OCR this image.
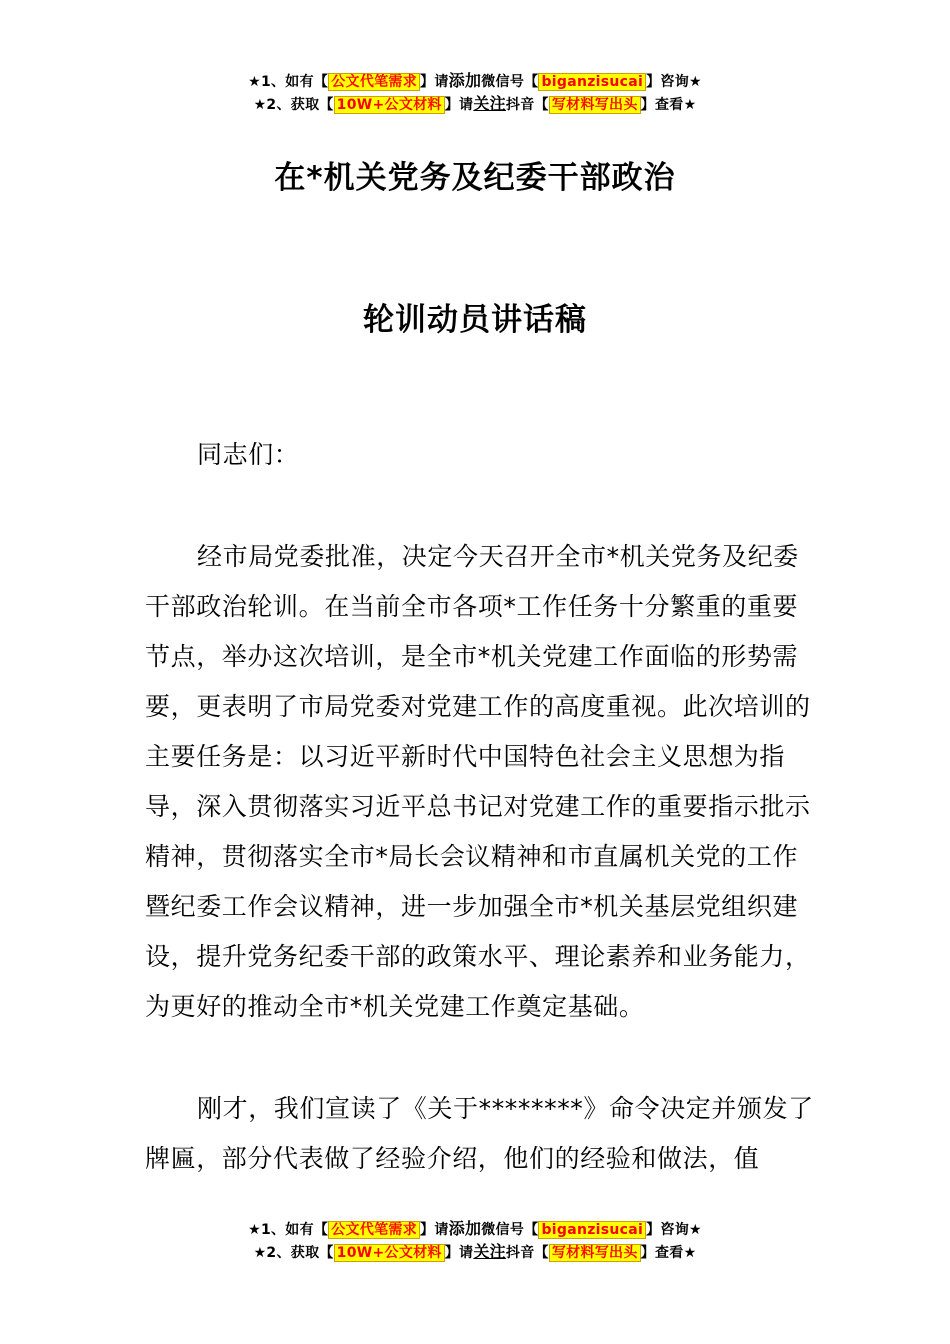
★1、如有【 公文代笔需求 】请添加微信号【 biganzisucai 】咨询★
★2、获取【 10W+公文材料 】请关注抖音【 写材料写出头 】查看★
在*机关党务及纪委干部政治
轮训动员讲话稿

同志们：

经市局党委批准，决定今天召开全市*机关党务及纪委干部政治轮训。在当前全市各项*工作任务十分繁重的重要节点，举办这次培训，是全市*机关党建工作面临的形势需要，更表明了市局党委对党建工作的高度重视。此次培训的主要任务是：以习近平新时代中国特色社会主义思想为指导，深入贯彻落实习近平总书记对党建工作的重要指示批示精神，贯彻落实全市*局长会议精神和市直属机关党的工作暨纪委工作会议精神，进一步加强全市*机关基层党组织建设，提升党务纪委干部的政策水平、理论素养和业务能力，为更好的推动全市*机关党建工作奠定基础。

刚才，我们宣读了《关于********》命令决定并颁发了牌匾，部分代表做了经验介绍，他们的经验和做法，值

★1、如有【 公文代笔需求 】请添加微信号【 biganzisucai 】咨询★
★2、获取【 10W+公文材料 】请关注抖音【 写材料写出头 】查看★
